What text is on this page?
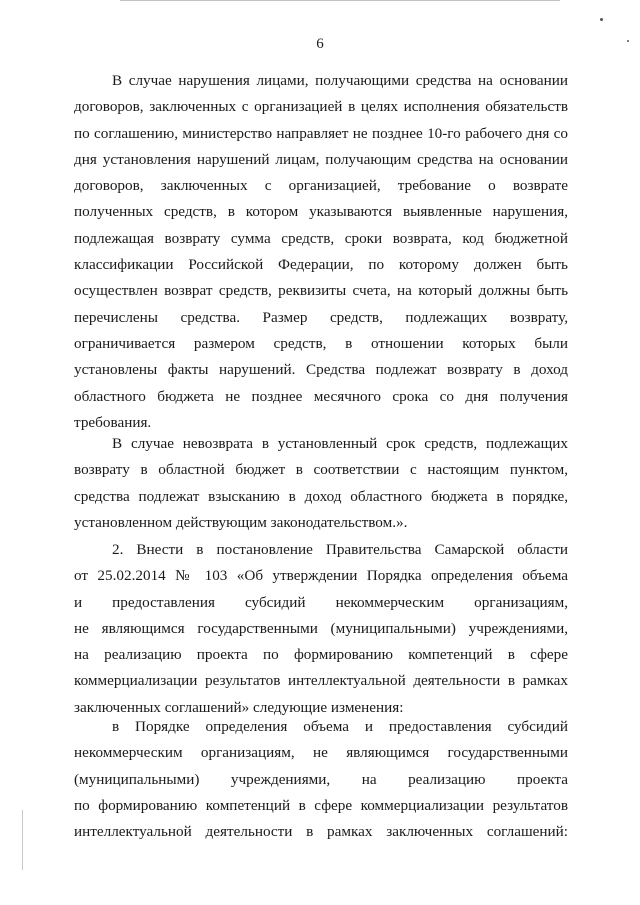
6
В случае нарушения лицами, получающими средства на основании
договоров, заключенных с организацией в целях исполнения обязательств
по соглашению, министерство направляет не позднее 10-го рабочего дня со
дня установления нарушений лицам, получающим средства на основании
договоров, заключенных с организацией, требование о возврате
полученных средств, в котором указываются выявленные нарушения,
подлежащая возврату сумма средств, сроки возврата, код бюджетной
классификации Российской Федерации, по которому должен быть
осуществлен возврат средств, реквизиты счета, на который должны быть
перечислены средства. Размер средств, подлежащих возврату,
ограничивается размером средств, в отношении которых были
установлены факты нарушений. Средства подлежат возврату в доход
областного бюджета не позднее месячного срока со дня получения
требования.
В случае невозврата в установленный срок средств, подлежащих
возврату в областной бюджет в соответствии с настоящим пунктом,
средства подлежат взысканию в доход областного бюджета в порядке,
установленном действующим законодательством.».
2. Внести в постановление Правительства Самарской области
от 25.02.2014 № 103 «Об утверждении Порядка определения объема
и предоставления субсидий некоммерческим организациям,
не являющимся государственными (муниципальными) учреждениями,
на реализацию проекта по формированию компетенций в сфере
коммерциализации результатов интеллектуальной деятельности в рамках
заключенных соглашений» следующие изменения:
в Порядке определения объема и предоставления субсидий
некоммерческим организациям, не являющимся государственными
(муниципальными) учреждениями, на реализацию проекта
по формированию компетенций в сфере коммерциализации результатов
интеллектуальной деятельности в рамках заключенных соглашений:
